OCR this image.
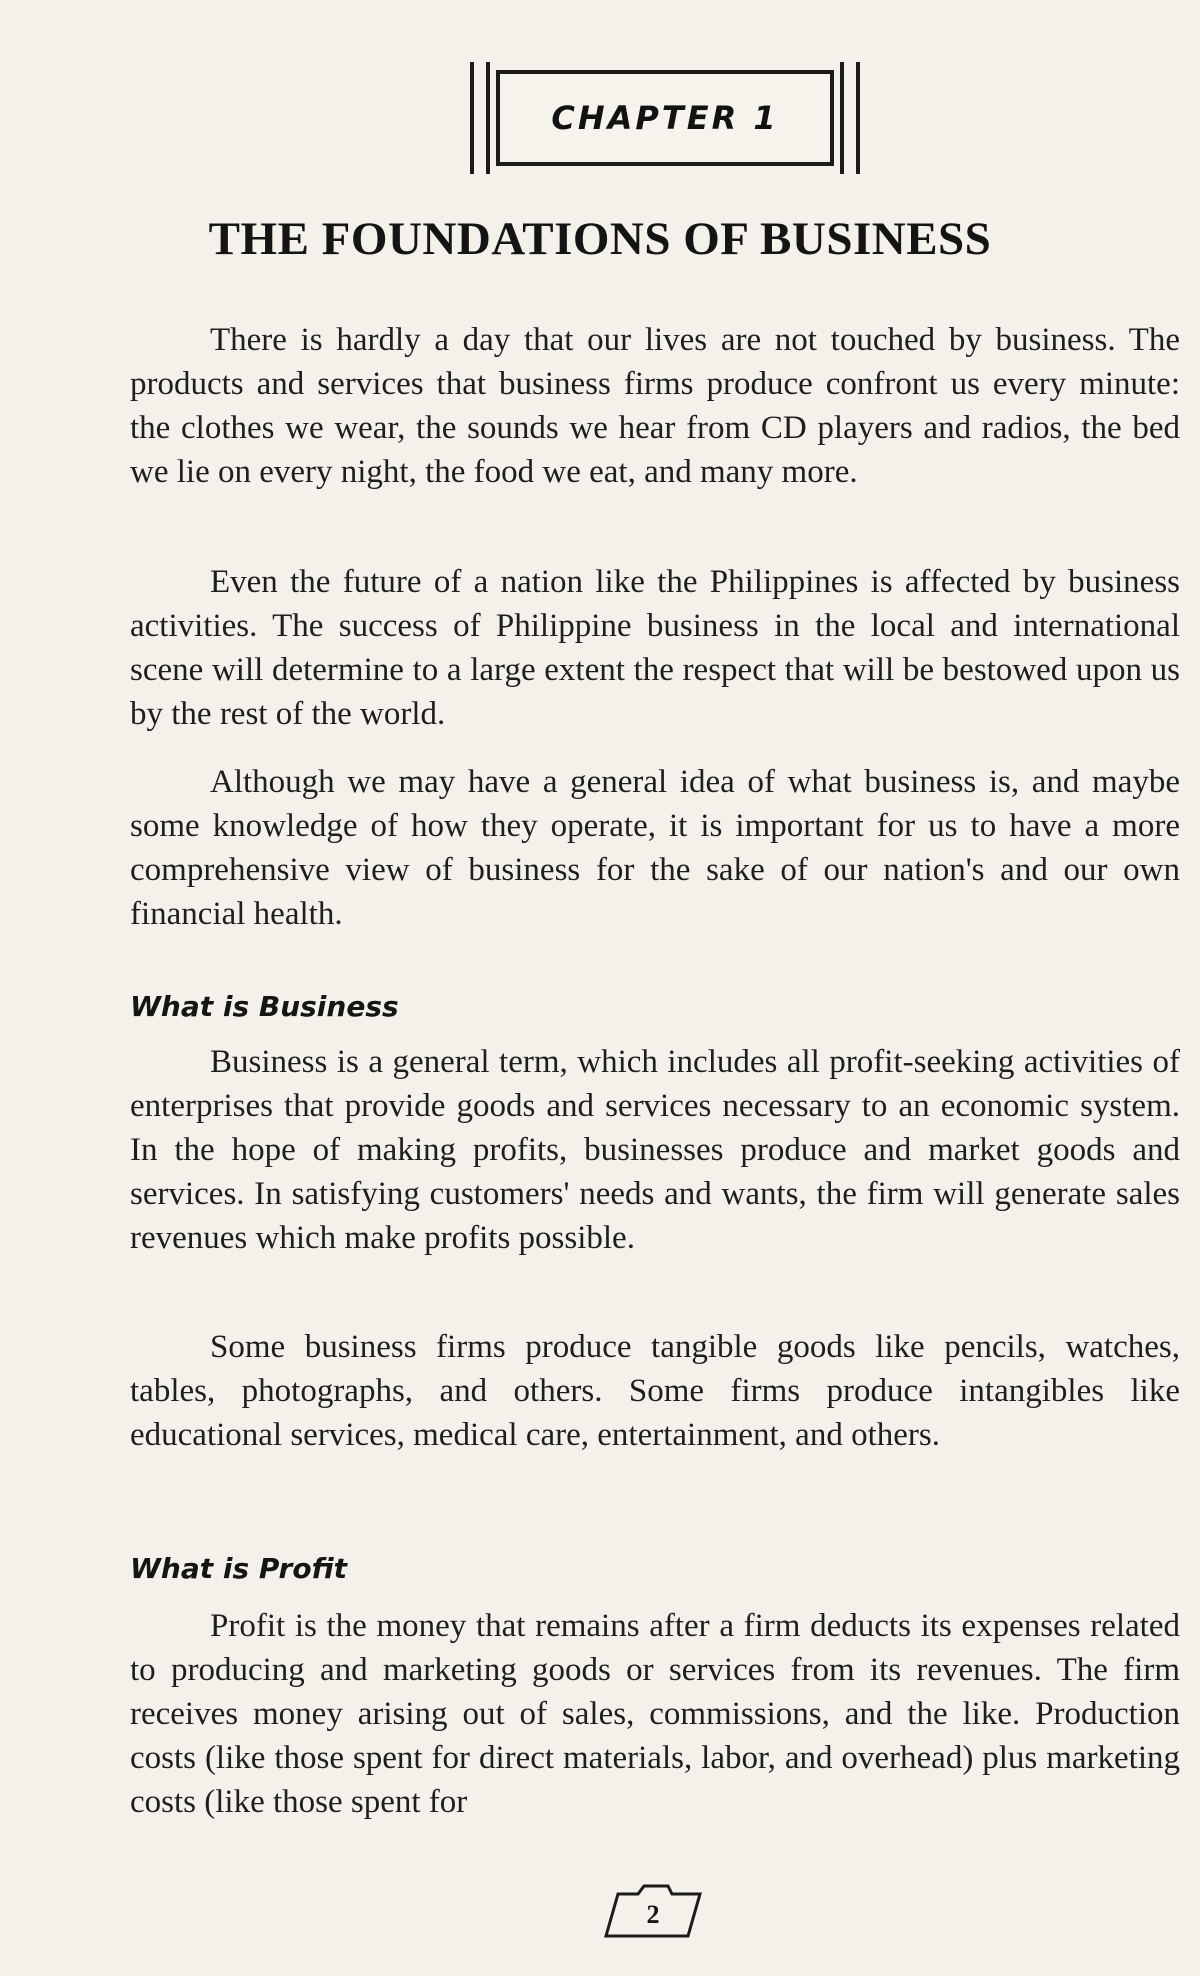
CHAPTER 1
THE FOUNDATIONS OF BUSINESS

There is hardly a day that our lives are not touched by business. The products and services that business firms produce confront us every minute: the clothes we wear, the sounds we hear from CD players and radios, the bed we lie on every night, the food we eat, and many more.

Even the future of a nation like the Philippines is affected by business activities. The success of Philippine business in the local and international scene will determine to a large extent the respect that will be bestowed upon us by the rest of the world.

Although we may have a general idea of what business is, and maybe some knowledge of how they operate, it is important for us to have a more comprehensive view of business for the sake of our nation's and our own financial health.

What is Business

Business is a general term, which includes all profit-seeking activities of enterprises that provide goods and services necessary to an economic system. In the hope of making profits, businesses produce and market goods and services. In satisfying customers' needs and wants, the firm will generate sales revenues which make profits possible.

Some business firms produce tangible goods like pencils, watches, tables, photographs, and others. Some firms produce intangibles like educational services, medical care, entertainment, and others.

What is Profit

Profit is the money that remains after a firm deducts its expenses related to producing and marketing goods or services from its revenues. The firm receives money arising out of sales, commissions, and the like. Production costs (like those spent for direct materials, labor, and overhead) plus marketing costs (like those spent for

2
